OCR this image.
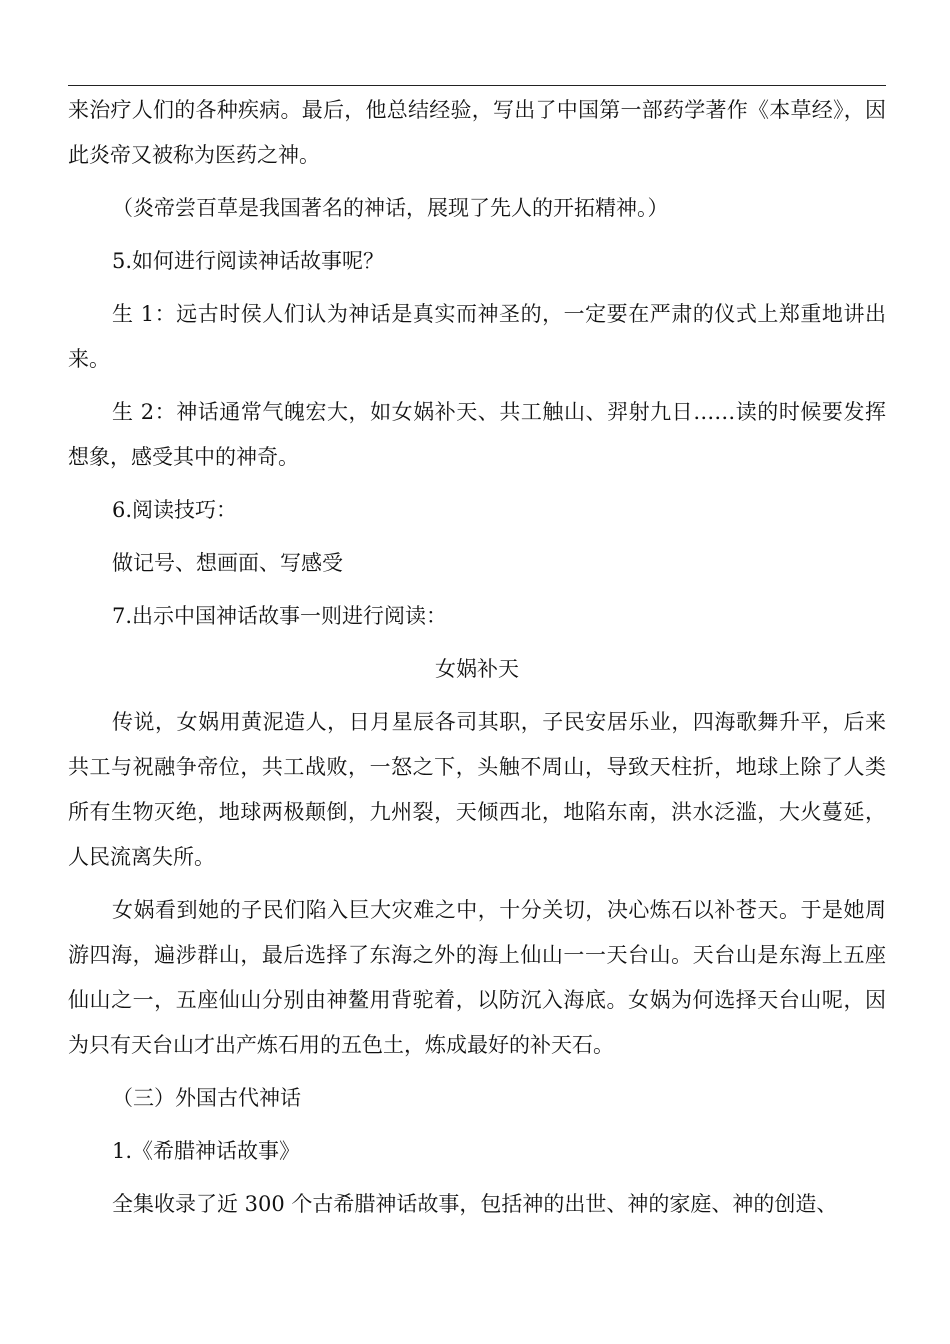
来治疗人们的各种疾病。最后，他总结经验，写出了中国第一部药学著作《本草经》，因此炎帝又被称为医药之神。

（炎帝尝百草是我国著名的神话，展现了先人的开拓精神。）

5.如何进行阅读神话故事呢？

生 1：远古时侯人们认为神话是真实而神圣的，一定要在严肃的仪式上郑重地讲出来。

生 2：神话通常气魄宏大，如女娲补天、共工触山、羿射九日……读的时候要发挥想象，感受其中的神奇。

6.阅读技巧：

做记号、想画面、写感受

7.出示中国神话故事一则进行阅读：

女娲补天

传说，女娲用黄泥造人，日月星辰各司其职，子民安居乐业，四海歌舞升平，后来共工与祝融争帝位，共工战败，一怒之下，头触不周山，导致天柱折，地球上除了人类所有生物灭绝，地球两极颠倒，九州裂，天倾西北，地陷东南，洪水泛滥，大火蔓延，人民流离失所。

女娲看到她的子民们陷入巨大灾难之中，十分关切，决心炼石以补苍天。于是她周游四海，遍涉群山，最后选择了东海之外的海上仙山一一天台山。天台山是东海上五座仙山之一，五座仙山分别由神鳌用背驼着，以防沉入海底。女娲为何选择天台山呢，因为只有天台山才出产炼石用的五色土，炼成最好的补天石。

（三）外国古代神话

1.《希腊神话故事》

全集收录了近 300 个古希腊神话故事，包括神的出世、神的家庭、神的创造、
